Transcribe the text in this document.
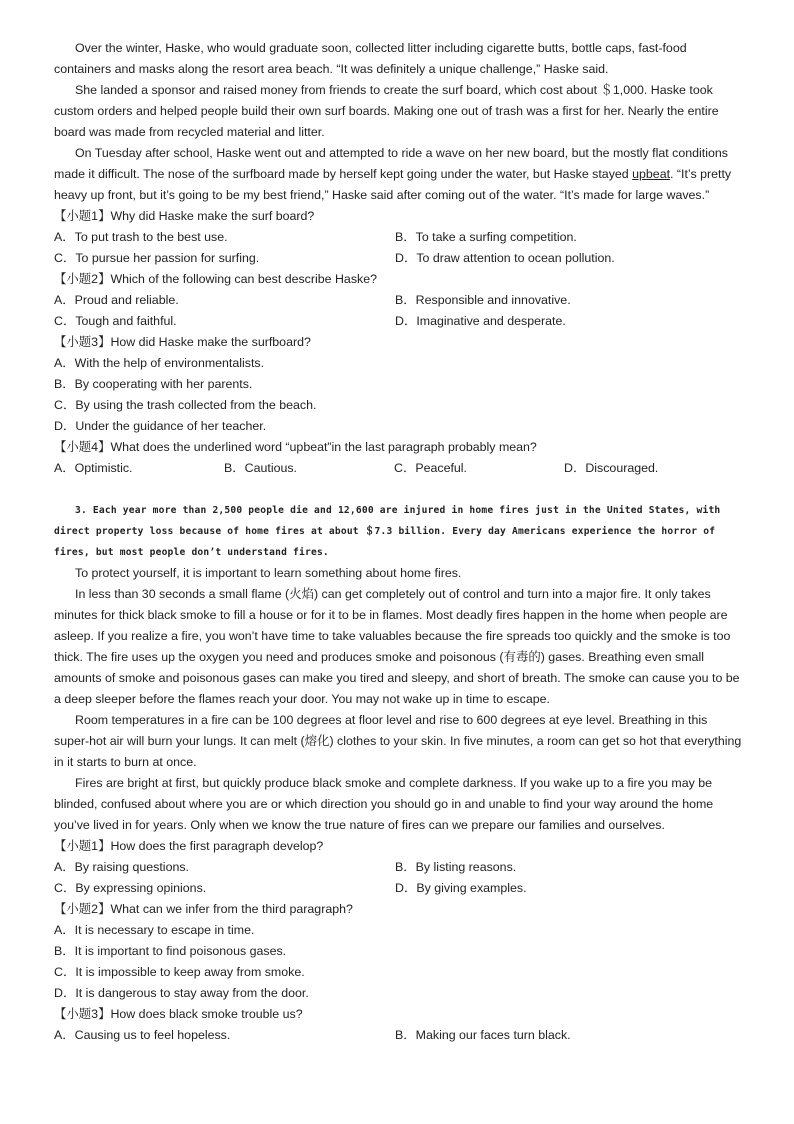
Over the winter, Haske, who would graduate soon, collected litter including cigarette butts, bottle caps, fast-food containers and masks along the resort area beach. “It was definitely a unique challenge,” Haske said.

She landed a sponsor and raised money from friends to create the surf board, which cost about ＄1,000. Haske took custom orders and helped people build their own surf boards. Making one out of trash was a first for her. Nearly the entire board was made from recycled material and litter.

On Tuesday after school, Haske went out and attempted to ride a wave on her new board, but the mostly flat conditions made it difficult. The nose of the surfboard made by herself kept going under the water, but Haske stayed upbeat. “It’s pretty heavy up front, but it’s going to be my best friend,” Haske said after coming out of the water. “It’s made for large waves.”

【小题1】Why did Haske make the surf board?

A．To put trash to the best use.	B．To take a surfing competition.
C．To pursue her passion for surfing.	D．To draw attention to ocean pollution.

【小题2】Which of the following can best describe Haske?

A．Proud and reliable.	B．Responsible and innovative.
C．Tough and faithful.	D．Imaginative and desperate.

【小题3】How did Haske make the surfboard?

A．With the help of environmentalists.

B．By cooperating with her parents.

C．By using the trash collected from the beach.

D．Under the guidance of her teacher.

【小题4】What does the underlined word “upbeat”in the last paragraph probably mean?

A．Optimistic.	B．Cautious.	C．Peaceful.	D．Discouraged.

3. Each year more than 2,500 people die and 12,600 are injured in home fires just in the United States, with direct property loss because of home fires at about ＄7.3 billion. Every day Americans experience the horror of fires, but most people don’t understand fires.

To protect yourself, it is important to learn something about home fires.

In less than 30 seconds a small flame (火焰) can get completely out of control and turn into a major fire. It only takes minutes for thick black smoke to fill a house or for it to be in flames. Most deadly fires happen in the home when people are asleep. If you realize a fire, you won’t have time to take valuables because the fire spreads too quickly and the smoke is too thick. The fire uses up the oxygen you need and produces smoke and poisonous (有毒的) gases. Breathing even small amounts of smoke and poisonous gases can make you tired and sleepy, and short of breath. The smoke can cause you to be a deep sleeper before the flames reach your door. You may not wake up in time to escape.

Room temperatures in a fire can be 100 degrees at floor level and rise to 600 degrees at eye level. Breathing in this super-hot air will burn your lungs. It can melt (熔化) clothes to your skin. In five minutes, a room can get so hot that everything in it starts to burn at once.

Fires are bright at first, but quickly produce black smoke and complete darkness. If you wake up to a fire you may be blinded, confused about where you are or which direction you should go in and unable to find your way around the home you’ve lived in for years. Only when we know the true nature of fires can we prepare our families and ourselves.

【小题1】How does the first paragraph develop?

A．By raising questions.	B．By listing reasons.
C．By expressing opinions.	D．By giving examples.

【小题2】What can we infer from the third paragraph?

A．It is necessary to escape in time.

B．It is important to find poisonous gases.

C．It is impossible to keep away from smoke.

D．It is dangerous to stay away from the door.

【小题3】How does black smoke trouble us?

A．Causing us to feel hopeless.	B．Making our faces turn black.
